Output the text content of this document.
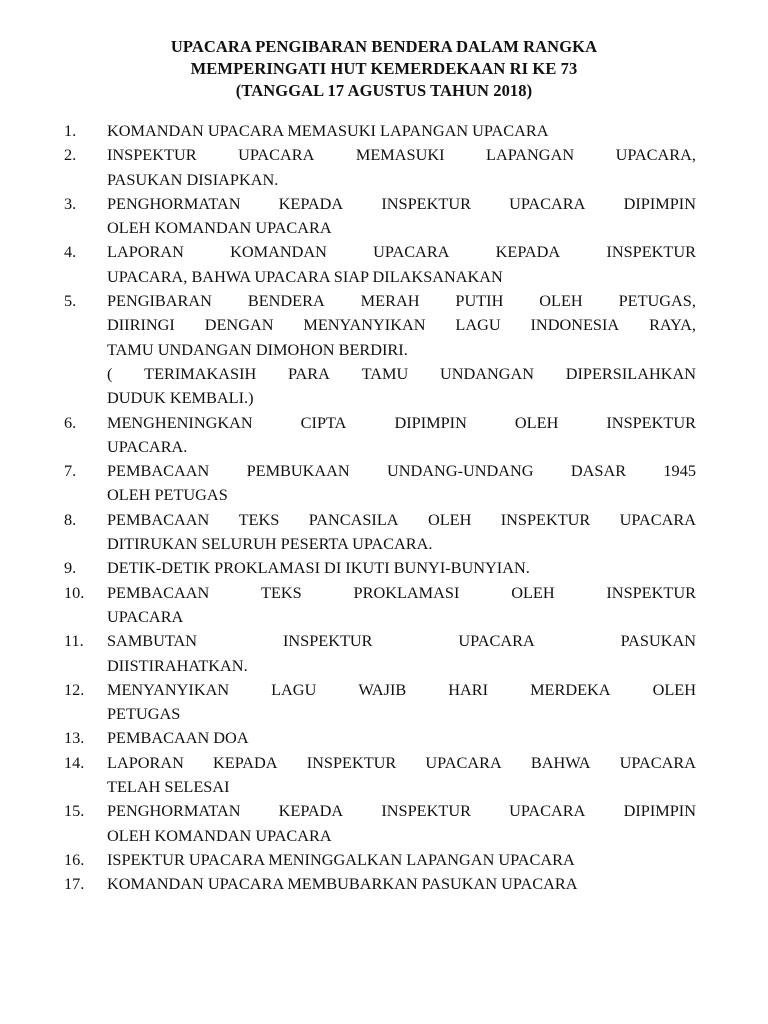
UPACARA PENGIBARAN BENDERA DALAM RANGKA
MEMPERINGATI HUT KEMERDEKAAN RI KE 73
(TANGGAL 17 AGUSTUS TAHUN 2018)
1. KOMANDAN UPACARA MEMASUKI LAPANGAN UPACARA
2. INSPEKTUR	UPACARA	MEMASUKI	LAPANGAN	UPACARA,
PASUKAN DISIAPKAN.
3. PENGHORMATAN KEPADA INSPEKTUR UPACARA DIPIMPIN
OLEH KOMANDAN UPACARA
4. LAPORAN	KOMANDAN	UPACARA	KEPADA	INSPEKTUR
UPACARA, BAHWA UPACARA SIAP DILAKSANAKAN
5. PENGIBARAN BENDERA MERAH PUTIH OLEH PETUGAS,
DIIRINGI DENGAN MENYANYIKAN LAGU INDONESIA RAYA,
TAMU UNDANGAN DIMOHON BERDIRI.
( TERIMAKASIH PARA TAMU UNDANGAN DIPERSILAHKAN
DUDUK KEMBALI.)
6. MENGHENINGKAN	CIPTA	DIPIMPIN	OLEH	INSPEKTUR
UPACARA.
7. PEMBACAAN PEMBUKAAN UNDANG-UNDANG DASAR 1945
OLEH PETUGAS
8. PEMBACAAN TEKS PANCASILA OLEH INSPEKTUR UPACARA
DITIRUKAN SELURUH PESERTA UPACARA.
9. DETIK-DETIK PROKLAMASI DI IKUTI BUNYI-BUNYIAN.
10. PEMBACAAN	TEKS	PROKLAMASI	OLEH	INSPEKTUR
UPACARA
11. SAMBUTAN	INSPEKTUR	UPACARA	PASUKAN
DIISTIRAHATKAN.
12. MENYANYIKAN	LAGU	WAJIB	HARI	MERDEKA	OLEH
PETUGAS
13. PEMBACAAN DOA
14. LAPORAN KEPADA INSPEKTUR UPACARA BAHWA UPACARA
TELAH SELESAI
15. PENGHORMATAN KEPADA INSPEKTUR UPACARA DIPIMPIN
OLEH KOMANDAN UPACARA
16. ISPEKTUR UPACARA MENINGGALKAN LAPANGAN UPACARA
17. KOMANDAN UPACARA MEMBUBARKAN PASUKAN UPACARA
